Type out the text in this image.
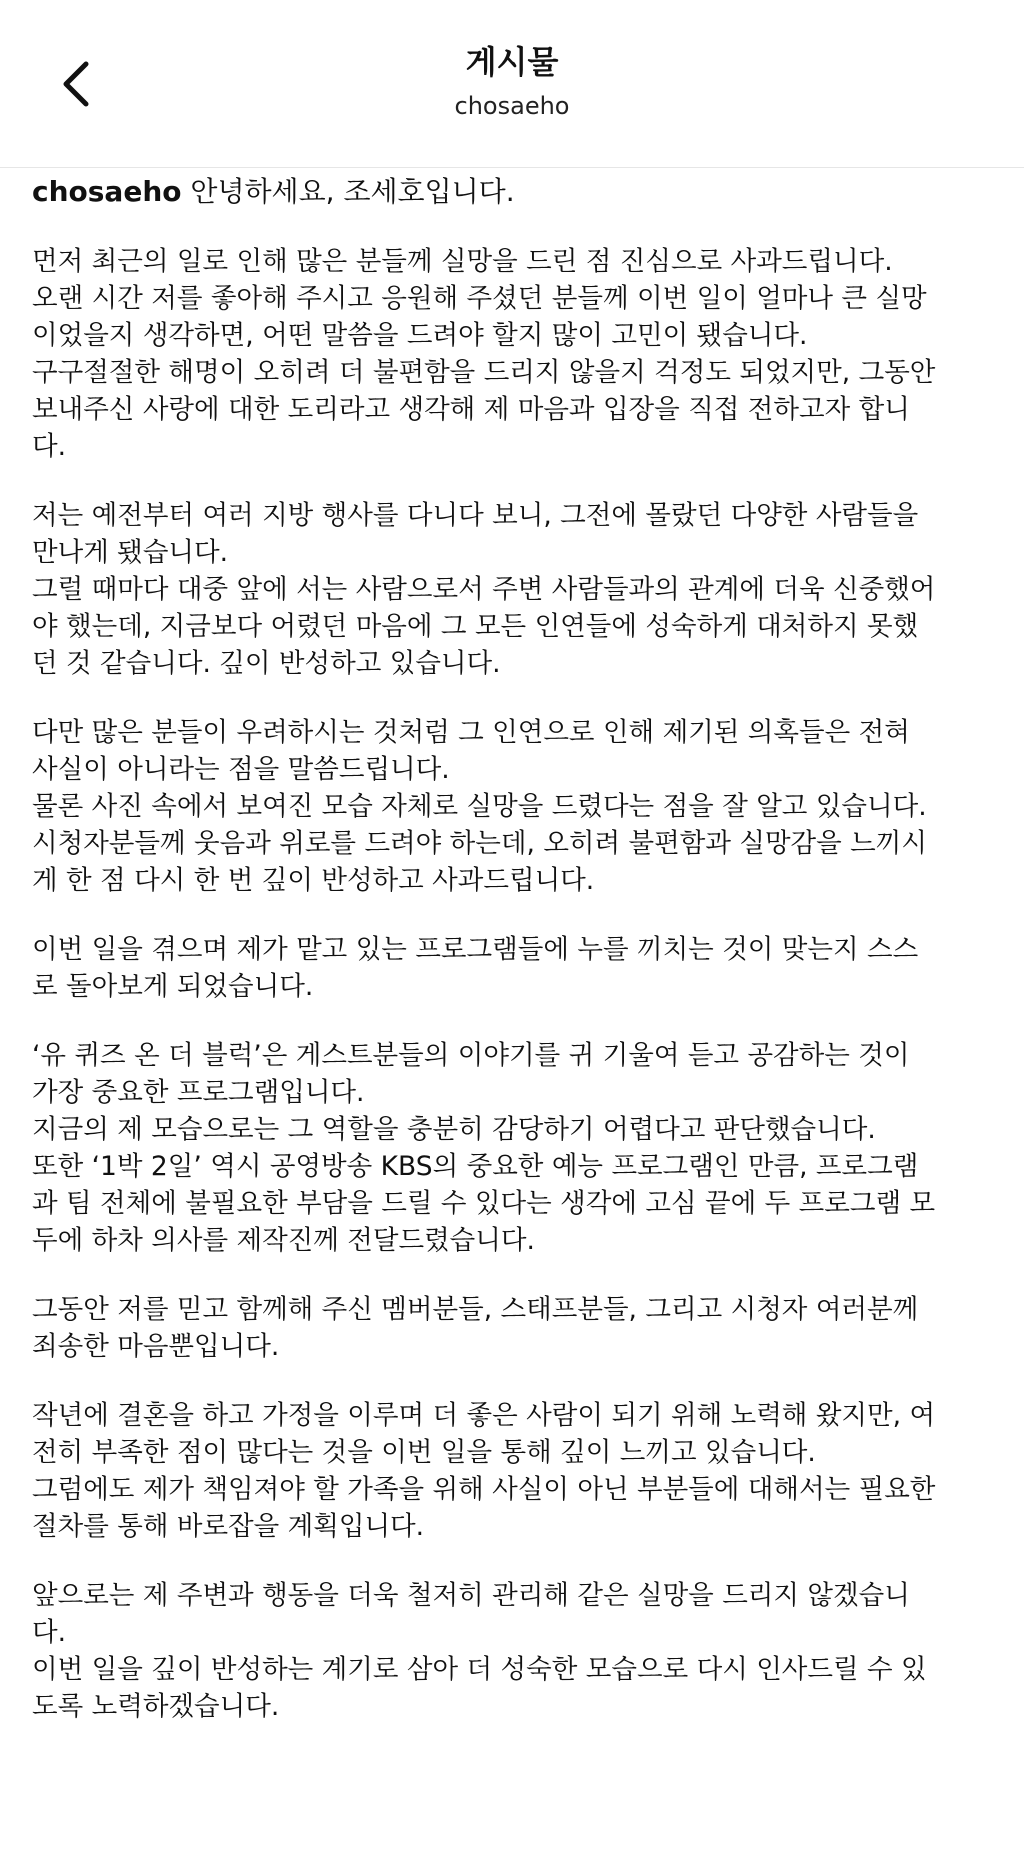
게시물
chosaeho
chosaeho 안녕하세요, 조세호입니다.
먼저 최근의 일로 인해 많은 분들께 실망을 드린 점 진심으로 사과드립니다.
오랜 시간 저를 좋아해 주시고 응원해 주셨던 분들께 이번 일이 얼마나 큰 실망
이었을지 생각하면, 어떤 말씀을 드려야 할지 많이 고민이 됐습니다.
구구절절한 해명이 오히려 더 불편함을 드리지 않을지 걱정도 되었지만, 그동안
보내주신 사랑에 대한 도리라고 생각해 제 마음과 입장을 직접 전하고자 합니
다.
저는 예전부터 여러 지방 행사를 다니다 보니, 그전에 몰랐던 다양한 사람들을
만나게 됐습니다.
그럴 때마다 대중 앞에 서는 사람으로서 주변 사람들과의 관계에 더욱 신중했어
야 했는데, 지금보다 어렸던 마음에 그 모든 인연들에 성숙하게 대처하지 못했
던 것 같습니다. 깊이 반성하고 있습니다.
다만 많은 분들이 우려하시는 것처럼 그 인연으로 인해 제기된 의혹들은 전혀
사실이 아니라는 점을 말씀드립니다.
물론 사진 속에서 보여진 모습 자체로 실망을 드렸다는 점을 잘 알고 있습니다.
시청자분들께 웃음과 위로를 드려야 하는데, 오히려 불편함과 실망감을 느끼시
게 한 점 다시 한 번 깊이 반성하고 사과드립니다.
이번 일을 겪으며 제가 맡고 있는 프로그램들에 누를 끼치는 것이 맞는지 스스
로 돌아보게 되었습니다.
‘유 퀴즈 온 더 블럭’은 게스트분들의 이야기를 귀 기울여 듣고 공감하는 것이
가장 중요한 프로그램입니다.
지금의 제 모습으로는 그 역할을 충분히 감당하기 어렵다고 판단했습니다.
또한 ‘1박 2일’ 역시 공영방송 KBS의 중요한 예능 프로그램인 만큼, 프로그램
과 팀 전체에 불필요한 부담을 드릴 수 있다는 생각에 고심 끝에 두 프로그램 모
두에 하차 의사를 제작진께 전달드렸습니다.
그동안 저를 믿고 함께해 주신 멤버분들, 스태프분들, 그리고 시청자 여러분께
죄송한 마음뿐입니다.
작년에 결혼을 하고 가정을 이루며 더 좋은 사람이 되기 위해 노력해 왔지만, 여
전히 부족한 점이 많다는 것을 이번 일을 통해 깊이 느끼고 있습니다.
그럼에도 제가 책임져야 할 가족을 위해 사실이 아닌 부분들에 대해서는 필요한
절차를 통해 바로잡을 계획입니다.
앞으로는 제 주변과 행동을 더욱 철저히 관리해 같은 실망을 드리지 않겠습니
다.
이번 일을 깊이 반성하는 계기로 삼아 더 성숙한 모습으로 다시 인사드릴 수 있
도록 노력하겠습니다.
